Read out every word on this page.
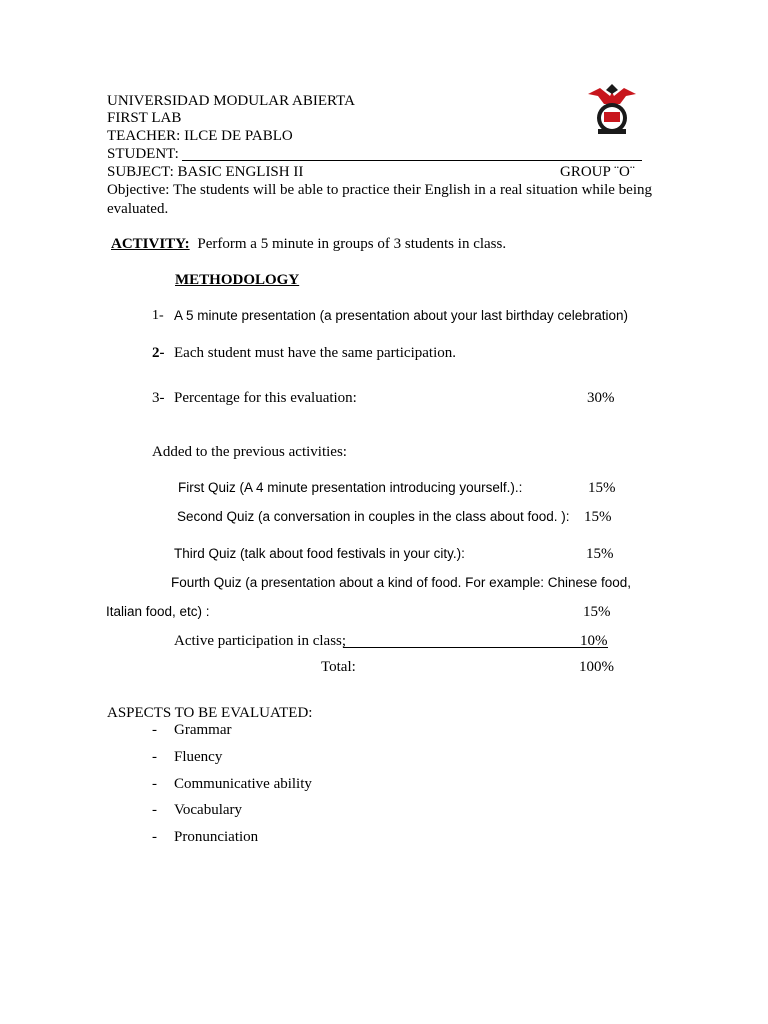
UNIVERSIDAD MODULAR ABIERTA
FIRST LAB
TEACHER: ILCE DE PABLO
STUDENT:
SUBJECT: BASIC ENGLISH II	GROUP ¨O¨
Objective: The students will be able to practice their English in a real situation while being
evaluated.
ACTIVITY: Perform a 5 minute in groups of 3 students in class.
METHODOLOGY
1- A 5 minute presentation (a presentation about your last birthday celebration)
2- Each student must have the same participation.
3- Percentage for this evaluation:	30%
Added to the previous activities:
First Quiz (A 4 minute presentation introducing yourself.).:	15%
Second Quiz (a conversation in couples in the class about food. ): 15%
Third Quiz (talk about food festivals in your city.):	15%
Fourth Quiz (a presentation about a kind of food. For example: Chinese food,
Italian food, etc) :	15%
Active participation in class;	10%
Total:	100%
ASPECTS TO BE EVALUATED:
- Grammar
- Fluency
- Communicative ability
- Vocabulary
- Pronunciation
